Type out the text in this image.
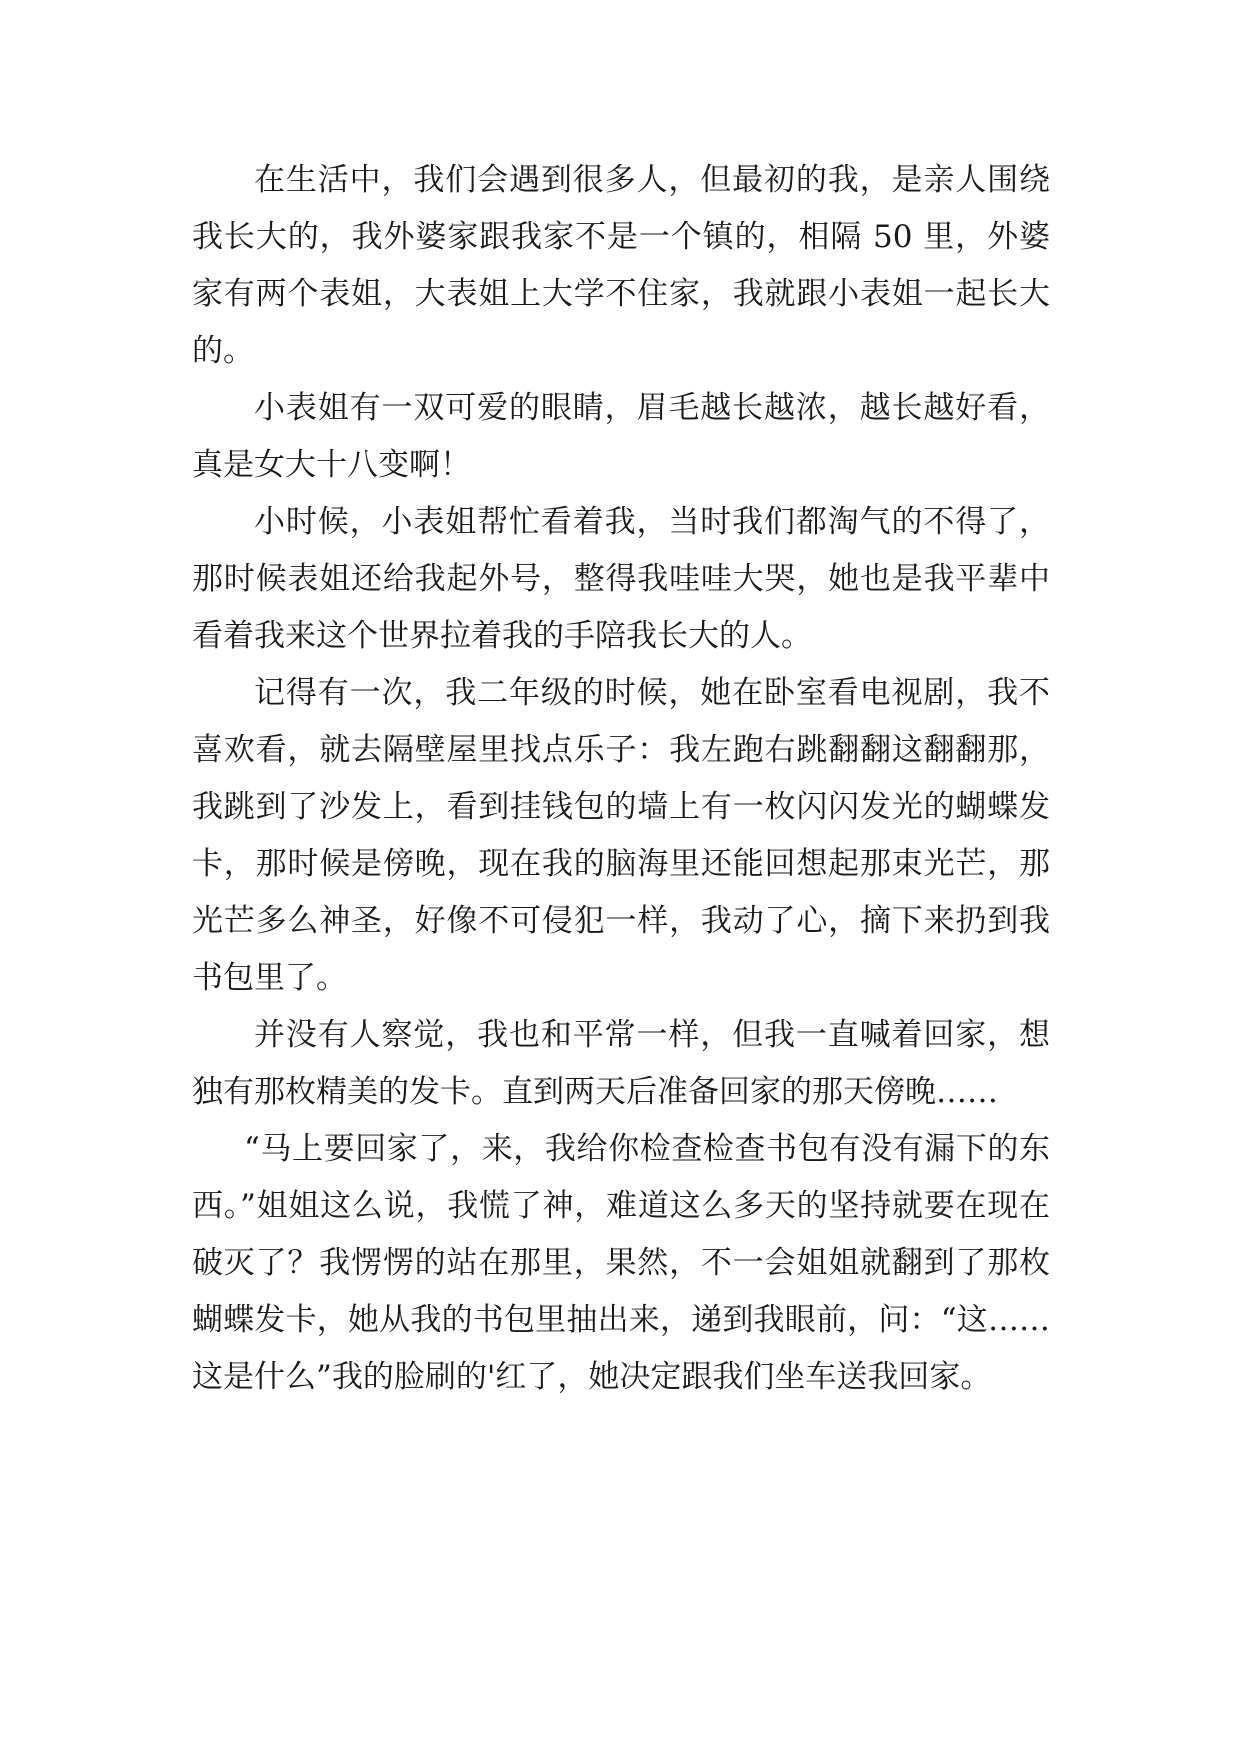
在生活中，我们会遇到很多人，但最初的我，是亲人围绕我长大的，我外婆家跟我家不是一个镇的，相隔 50 里，外婆家有两个表姐，大表姐上大学不住家，我就跟小表姐一起长大的。

小表姐有一双可爱的眼睛，眉毛越长越浓，越长越好看，真是女大十八变啊！

小时候，小表姐帮忙看着我，当时我们都淘气的不得了，那时候表姐还给我起外号，整得我哇哇大哭，她也是我平辈中看着我来这个世界拉着我的手陪我长大的人。

记得有一次，我二年级的时候，她在卧室看电视剧，我不喜欢看，就去隔壁屋里找点乐子：我左跑右跳翻翻这翻翻那，我跳到了沙发上，看到挂钱包的墙上有一枚闪闪发光的蝴蝶发卡，那时候是傍晚，现在我的脑海里还能回想起那束光芒，那光芒多么神圣，好像不可侵犯一样，我动了心，摘下来扔到我书包里了。

并没有人察觉，我也和平常一样，但我一直喊着回家，想独有那枚精美的发卡。直到两天后准备回家的那天傍晚……

“马上要回家了，来，我给你检查检查书包有没有漏下的东西。”姐姐这么说，我慌了神，难道这么多天的坚持就要在现在破灭了？我愣愣的站在那里，果然，不一会姐姐就翻到了那枚蝴蝶发卡，她从我的书包里抽出来，递到我眼前，问：“这……这是什么”我的脸刷的'红了，她决定跟我们坐车送我回家。
